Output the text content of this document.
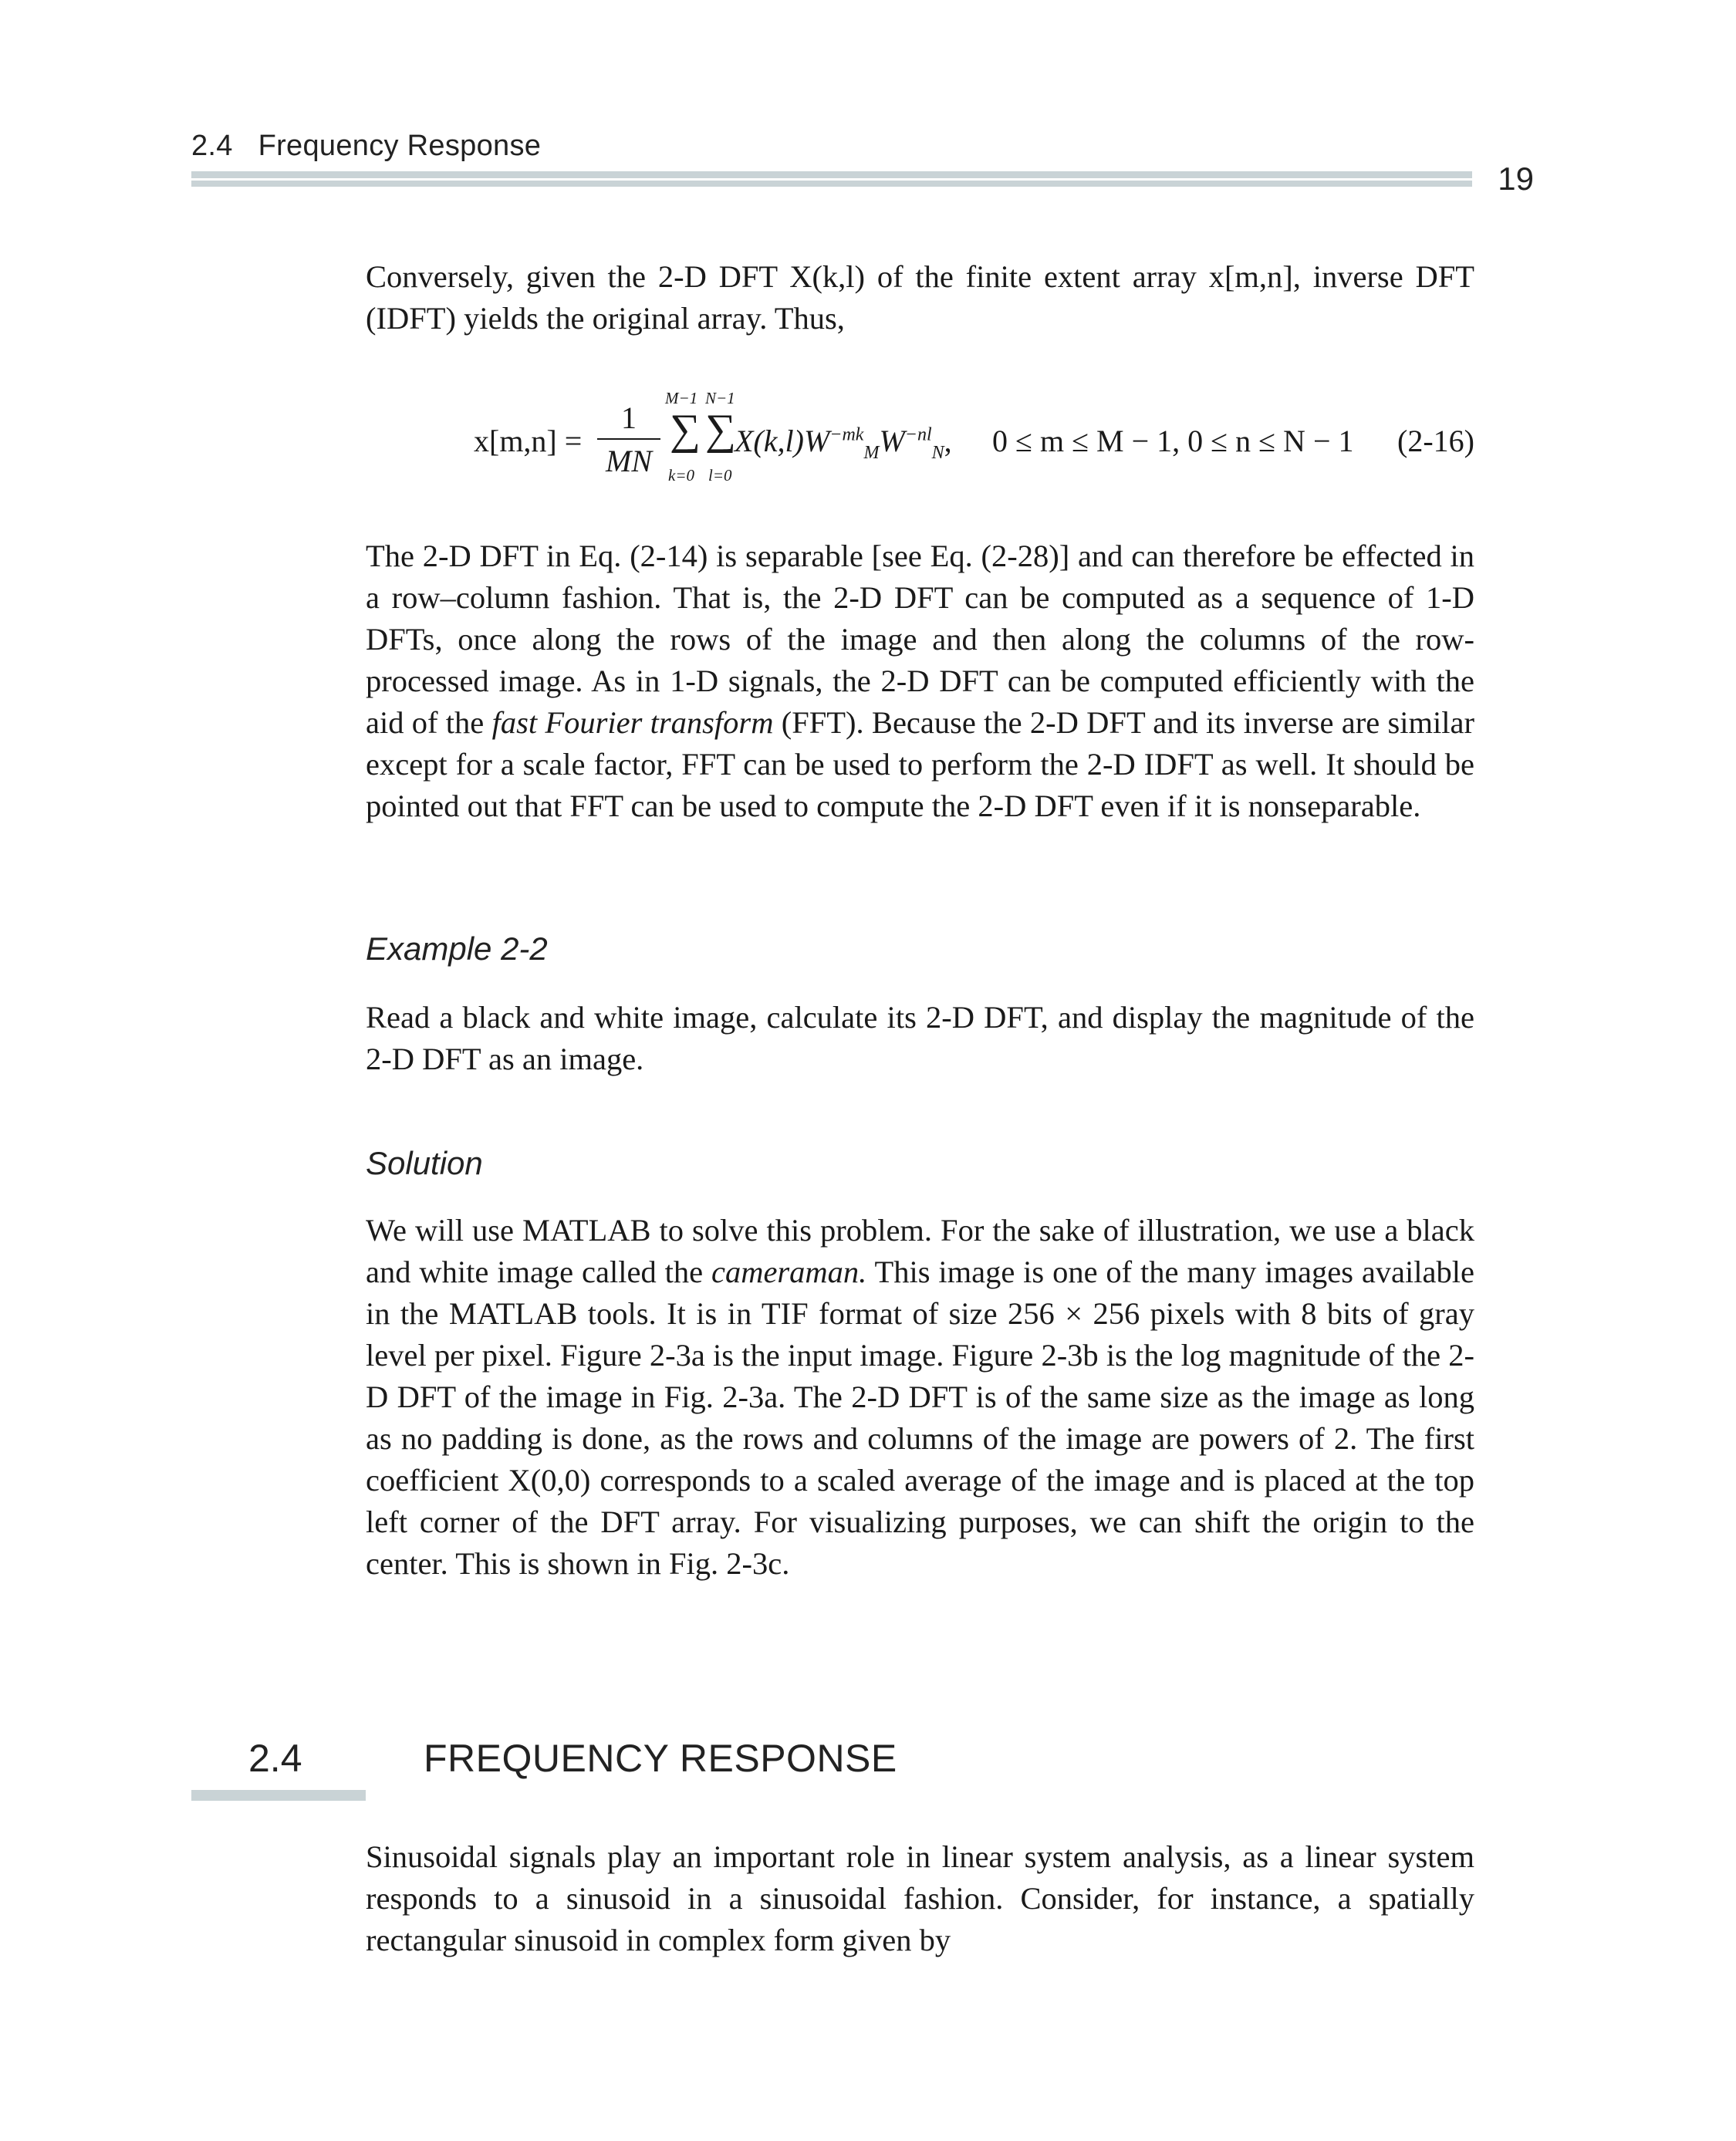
2.4 Frequency Response
19

Conversely, given the 2-D DFT X(k,l) of the finite extent array x[m,n], inverse DFT (IDFT) yields the original array. Thus,

x[m,n] =
1
MN
M−1
∑
k=0
N−1
∑
l=0
$X(k,l)W^{-mk}_MW^{-nl}_N$, 0 ≤ m ≤ M − 1, 0 ≤ n ≤ N − 1 (2-16)

The 2-D DFT in Eq. (2-14) is separable [see Eq. (2-28)] and can therefore be effected in a row–column fashion. That is, the 2-D DFT can be computed as a sequence of 1-D DFTs, once along the rows of the image and then along the columns of the row-processed image. As in 1-D signals, the 2-D DFT can be computed efficiently with the aid of the fast Fourier transform (FFT). Because the 2-D DFT and its inverse are similar except for a scale factor, FFT can be used to perform the 2-D IDFT as well. It should be pointed out that FFT can be used to compute the 2-D DFT even if it is nonseparable.

Example 2-2

Read a black and white image, calculate its 2-D DFT, and display the magnitude of the 2-D DFT as an image.

Solution

We will use MATLAB to solve this problem. For the sake of illustration, we use a black and white image called the cameraman. This image is one of the many images available in the MATLAB tools. It is in TIF format of size 256 × 256 pixels with 8 bits of gray level per pixel. Figure 2-3a is the input image. Figure 2-3b is the log magnitude of the 2-D DFT of the image in Fig. 2-3a. The 2-D DFT is of the same size as the image as long as no padding is done, as the rows and columns of the image are powers of 2. The first coefficient X(0,0) corresponds to a scaled average of the image and is placed at the top left corner of the DFT array. For visualizing purposes, we can shift the origin to the center. This is shown in Fig. 2-3c.

2.4	FREQUENCY RESPONSE

Sinusoidal signals play an important role in linear system analysis, as a linear system responds to a sinusoid in a sinusoidal fashion. Consider, for instance, a spatially rectangular sinusoid in complex form given by
